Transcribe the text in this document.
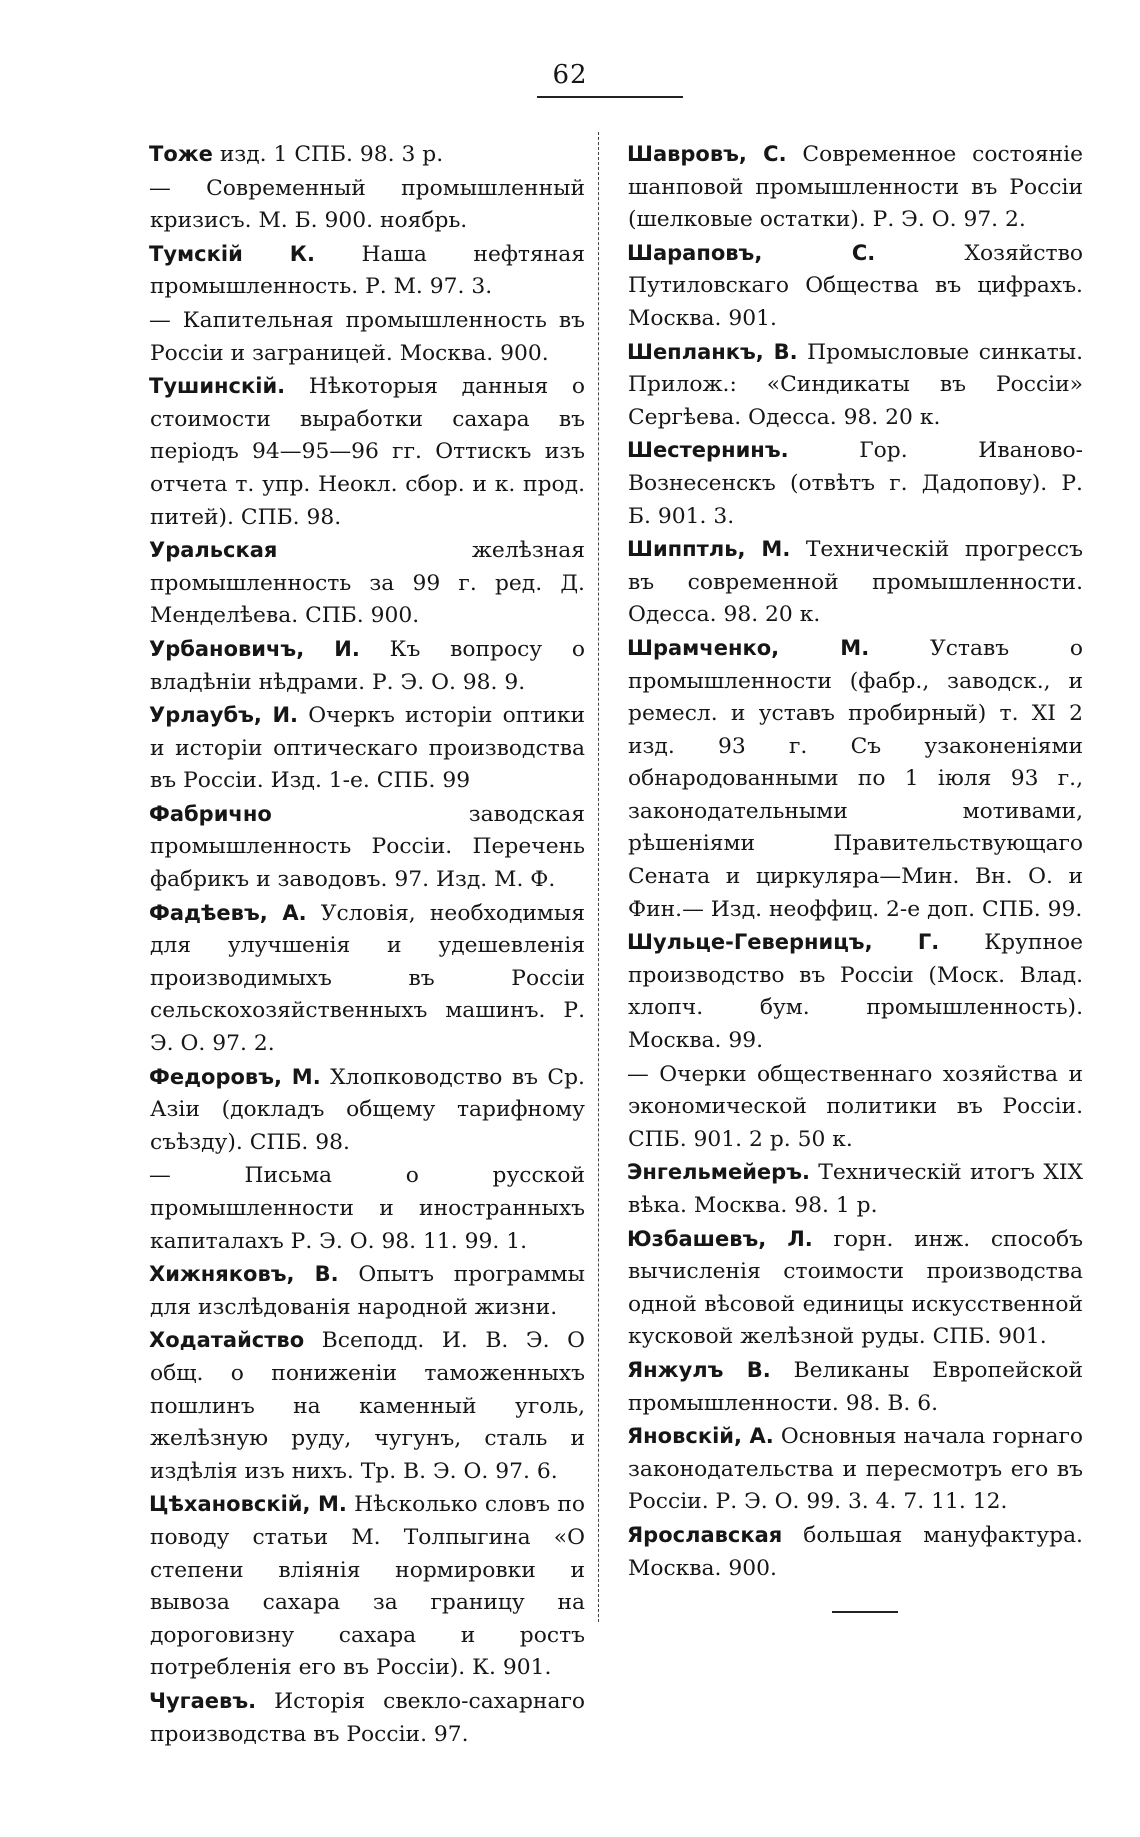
62

Тоже изд. 1 СПБ. 98. 3 р.

— Современный промышленный кризисъ. М. Б. 900. ноябрь.

Тумскій К. Наша нефтяная промышленность. Р. М. 97. 3.

— Капительная промышленность въ Россіи и заграницей. Москва. 900.

Тушинскій. Нѣкоторыя данныя о стоимости выработки сахара въ періодъ 94—95—96 гг. Оттискъ изъ отчета т. упр. Неокл. сбор. и к. прод. питей). СПБ. 98.

Уральская желѣзная промышленность за 99 г. ред. Д. Менделѣева. СПБ. 900.

Урбановичъ, И. Къ вопросу о владѣніи нѣдрами. Р. Э. О. 98. 9.

Урлаубъ, И. Очеркъ исторіи оптики и исторіи оптическаго производства въ Россіи. Изд. 1-е. СПБ. 99

Фабрично заводская промышленность Россіи. Перечень фабрикъ и заводовъ. 97. Изд. М. Ф.

Фадѣевъ, А. Условія, необходимыя для улучшенія и удешевленія производимыхъ въ Россіи сельскохозяйственныхъ машинъ. Р. Э. О. 97. 2.

Федоровъ, М. Хлопководство въ Ср. Азіи (докладъ общему тарифному съѣзду). СПБ. 98.

— Письма о русской промышленности и иностранныхъ капиталахъ Р. Э. О. 98. 11. 99. 1.

Хижняковъ, В. Опытъ программы для изслѣдованія народной жизни.

Ходатайство Всеподд. И. В. Э. О общ. о пониженіи таможенныхъ пошлинъ на каменный уголь, желѣзную руду, чугунъ, сталь и издѣлія изъ нихъ. Тр. В. Э. О. 97. 6.

Цѣхановскій, М. Нѣсколько словъ по поводу статьи М. Толпыгина «О степени вліянія нормировки и вывоза сахара за границу на дороговизну сахара и ростъ потребленія его въ Россіи). К. 901.

Чугаевъ. Исторія свекло-сахарнаго производства въ Россіи. 97.

Шавровъ, С. Современное состояніе шанповой промышленности въ Россіи (шелковые остатки). Р. Э. О. 97. 2.

Шараповъ, С. Хозяйство Путиловскаго Общества въ цифрахъ. Москва. 901.

Шепланкъ, В. Промысловые синкаты. Прилож.: «Синдикаты въ Россіи» Сергѣева. Одесса. 98. 20 к.

Шестернинъ. Гор. Иваново-Вознесенскъ (отвѣтъ г. Дадопову). Р. Б. 901. 3.

Шипптль, М. Техническій прогрессъ въ современной промышленности. Одесса. 98. 20 к.

Шрамченко, М. Уставъ о промышленности (фабр., заводск., и ремесл. и уставъ пробирный) т. XI 2 изд. 93 г. Съ узаконеніями обнародованными по 1 іюля 93 г., законодательными мотивами, рѣшеніями Правительствующаго Сената и циркуляра—Мин. Вн. О. и Фин.— Изд. неоффиц. 2-е доп. СПБ. 99.

Шульце-Геверницъ, Г. Крупное производство въ Россіи (Моск. Влад. хлопч. бум. промышленность). Москва. 99.

— Очерки общественнаго хозяйства и экономической политики въ Россіи. СПБ. 901. 2 р. 50 к.

Энгельмейеръ. Техническій итогъ XIX вѣка. Москва. 98. 1 р.

Юзбашевъ, Л. горн. инж. способъ вычисленія стоимости производства одной вѣсовой единицы искусственной кусковой желѣзной руды. СПБ. 901.

Янжулъ В. Великаны Европейской промышленности. 98. В. 6.

Яновскій, А. Основныя начала горнаго законодательства и пересмотръ его въ Россіи. Р. Э. О. 99. 3. 4. 7. 11. 12.

Ярославская большая мануфактура. Москва. 900.
